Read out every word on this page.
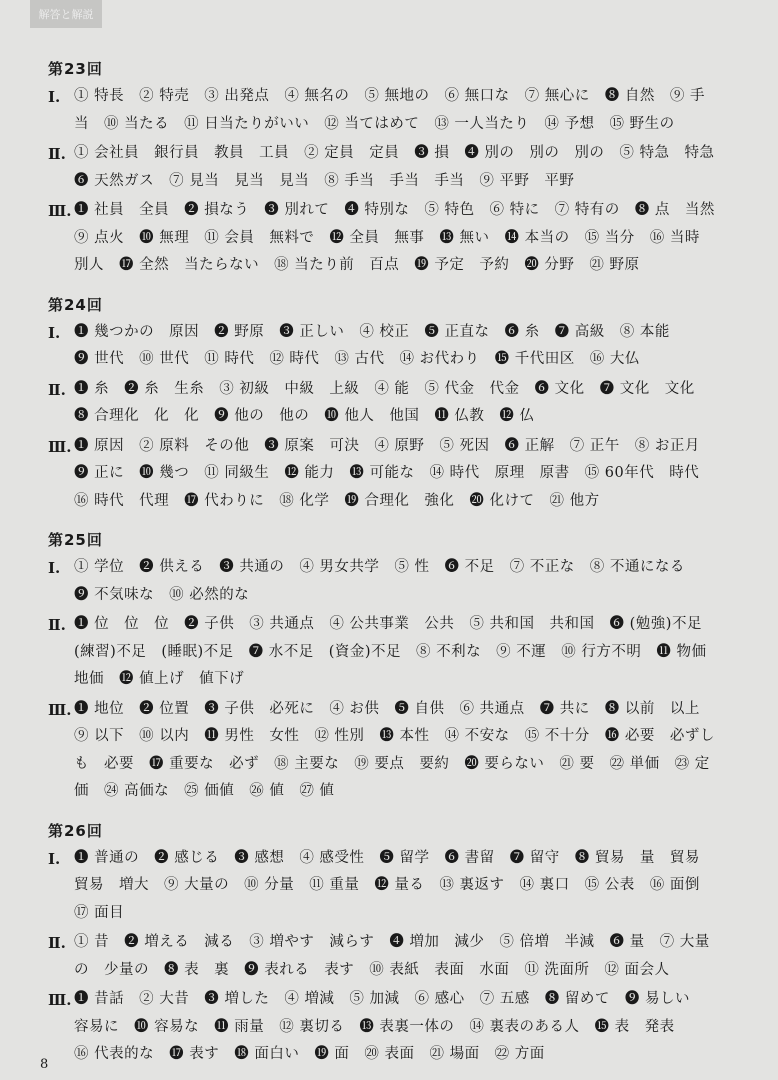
解答と解説
第23回
Ⅰ. ① 特長　② 特売　③ 出発点　④ 無名の　⑤ 無地の　⑥ 無口な　⑦ 無心に　❽ 自然　⑨ 手
当　⑩ 当たる　⑪ 日当たりがいい　⑫ 当てはめて　⑬ 一人当たり　⑭ 予想　⑮ 野生の
Ⅱ. ① 会社員　銀行員　教員　工員　② 定員　定員　❸ 損　❹ 別の　別の　別の　⑤ 特急　特急
❻ 天然ガス　⑦ 見当　見当　見当　⑧ 手当　手当　手当　⑨ 平野　平野
Ⅲ. ❶ 社員　全員　❷ 損なう　❸ 別れて　❹ 特別な　⑤ 特色　⑥ 特に　⑦ 特有の　❽ 点　当然
⑨ 点火　❿ 無理　⑪ 会員　無料で　⓬ 全員　無事　⓭ 無い　⓮ 本当の　⑮ 当分　⑯ 当時
別人　⓱ 全然　当たらない　⑱ 当たり前　百点　⓳ 予定　予約　⓴ 分野　㉑ 野原
第24回
Ⅰ. ❶ 幾つかの　原因　❷ 野原　❸ 正しい　④ 校正　❺ 正直な　❻ 糸　❼ 高級　⑧ 本能
❾ 世代　⑩ 世代　⑪ 時代　⑫ 時代　⑬ 古代　⑭ お代わり　⓯ 千代田区　⑯ 大仏
Ⅱ. ❶ 糸　❷ 糸　生糸　③ 初級　中級　上級　④ 能　⑤ 代金　代金　❻ 文化　❼ 文化　文化
❽ 合理化　化　化　❾ 他の　他の　❿ 他人　他国　⓫ 仏教　⓬ 仏
Ⅲ. ❶ 原因　② 原料　その他　❸ 原案　可決　④ 原野　⑤ 死因　❻ 正解　⑦ 正午　⑧ お正月
❾ 正に　❿ 幾つ　⑪ 同級生　⓬ 能力　⓭ 可能な　⑭ 時代　原理　原書　⑮ 60年代　時代
⑯ 時代　代理　⓱ 代わりに　⑱ 化学　⓳ 合理化　強化　⓴ 化けて　㉑ 他方
第25回
Ⅰ. ① 学位　❷ 供える　❸ 共通の　④ 男女共学　⑤ 性　❻ 不足　⑦ 不正な　⑧ 不通になる
❾ 不気味な　⑩ 必然的な
Ⅱ. ❶ 位　位　位　❷ 子供　③ 共通点　④ 公共事業　公共　⑤ 共和国　共和国　❻ (勉強)不足
(練習)不足　(睡眠)不足　❼ 水不足　(資金)不足　⑧ 不利な　⑨ 不運　⑩ 行方不明　⓫ 物価
地価　⓬ 値上げ　値下げ
Ⅲ. ❶ 地位　❷ 位置　❸ 子供　必死に　④ お供　❺ 自供　⑥ 共通点　❼ 共に　❽ 以前　以上
⑨ 以下　⑩ 以内　⓫ 男性　女性　⑫ 性別　⓭ 本性　⑭ 不安な　⑮ 不十分　⓰ 必要　必ずし
も　必要　⓱ 重要な　必ず　⑱ 主要な　⑲ 要点　要約　⓴ 要らない　㉑ 要　㉒ 単価　㉓ 定
価　㉔ 高価な　㉕ 価値　㉖ 値　㉗ 値
第26回
Ⅰ. ❶ 普通の　❷ 感じる　❸ 感想　④ 感受性　❺ 留学　❻ 書留　❼ 留守　❽ 貿易　量　貿易
貿易　増大　⑨ 大量の　⑩ 分量　⑪ 重量　⓬ 量る　⑬ 裏返す　⑭ 裏口　⑮ 公表　⑯ 面倒
⑰ 面目
Ⅱ. ① 昔　❷ 増える　減る　③ 増やす　減らす　❹ 増加　減少　⑤ 倍増　半減　❻ 量　⑦ 大量
の　少量の　❽ 表　裏　❾ 表れる　表す　⑩ 表紙　表面　水面　⑪ 洗面所　⑫ 面会人
Ⅲ. ❶ 昔話　② 大昔　❸ 増した　④ 増減　⑤ 加減　⑥ 感心　⑦ 五感　❽ 留めて　❾ 易しい
容易に　❿ 容易な　⓫ 雨量　⑫ 裏切る　⓭ 表裏一体の　⑭ 裏表のある人　⓯ 表　発表
⑯ 代表的な　⓱ 表す　⓲ 面白い　⓳ 面　⑳ 表面　㉑ 場面　㉒ 方面
8
